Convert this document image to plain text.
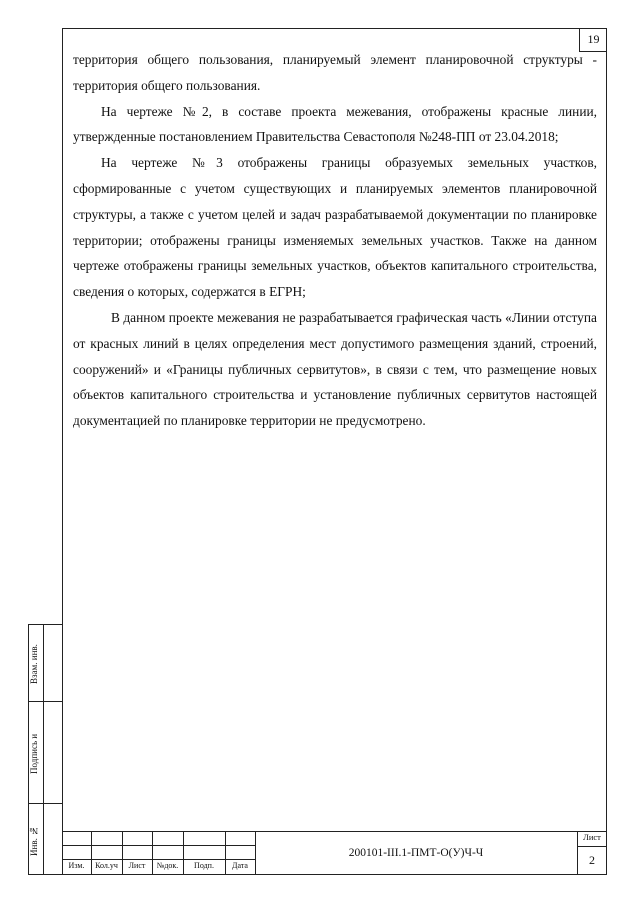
19

территория общего пользования, планируемый элемент планировочной структуры - территория общего пользования.

На чертеже №2, в составе проекта межевания, отображены красные линии, утвержденные постановлением Правительства Севастополя №248-ПП от 23.04.2018;

На чертеже №3 отображены границы образуемых земельных участков, сформированные с учетом существующих и планируемых элементов планировочной структуры, а также с учетом целей и задач разрабатываемой документации по планировке территории; отображены границы изменяемых земельных участков. Также на данном чертеже отображены границы земельных участков, объектов капитального строительства, сведения о которых, содержатся в ЕГРН;

В данном проекте межевания не разрабатывается графическая часть «Линии отступа от красных линий в целях определения мест допустимого размещения зданий, строений, сооружений» и «Границы публичных сервитутов», в связи с тем, что размещение новых объектов капитального строительства и установление публичных сервитутов настоящей документацией по планировке территории не предусмотрено.

Взам. инв.
Подпись и
Инв. №
Изм.	Кол.уч	Лист	№док.	Подп.	Дата
200101-III.1-ПМТ-О(У)Ч-Ч
Лист
2
